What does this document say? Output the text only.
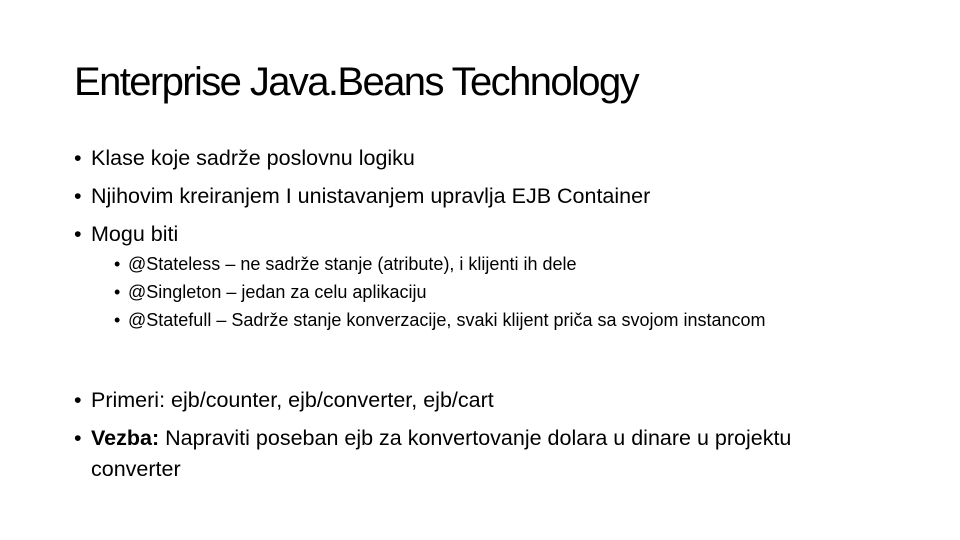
Enterprise Java.Beans Technology
• Klase koje sadrže poslovnu logiku
• Njihovim kreiranjem I unistavanjem upravlja EJB Container
• Mogu biti
• @Stateless – ne sadrže stanje (atribute), i klijenti ih dele
• @Singleton – jedan za celu aplikaciju
• @Statefull – Sadrže stanje konverzacije, svaki klijent priča sa svojom instancom
• Primeri: ejb/counter, ejb/converter, ejb/cart
• Vezba: Napraviti poseban ejb za konvertovanje dolara u dinare u projektu converter
